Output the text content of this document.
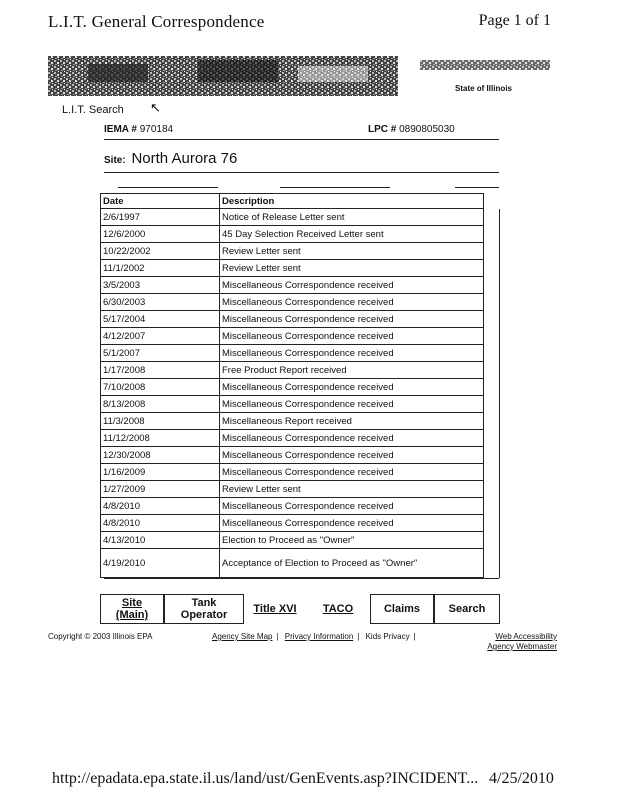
L.I.T. General Correspondence	Page 1 of 1
State of Illinois
L.I.T. Search ↖
IEMA # 970184	LPC # 0890805030
Site: North Aurora 76
Date	Description	
2/6/1997	Notice of Release Letter sent	
12/6/2000	45 Day Selection Received Letter sent	
10/22/2002	Review Letter sent	
11/1/2002	Review Letter sent	
3/5/2003	Miscellaneous Correspondence received	
6/30/2003	Miscellaneous Correspondence received	
5/17/2004	Miscellaneous Correspondence received	
4/12/2007	Miscellaneous Correspondence received	
5/1/2007	Miscellaneous Correspondence received	
1/17/2008	Free Product Report received	
7/10/2008	Miscellaneous Correspondence received	
8/13/2008	Miscellaneous Correspondence received	
11/3/2008	Miscellaneous Report received	
11/12/2008	Miscellaneous Correspondence received	
12/30/2008	Miscellaneous Correspondence received	
1/16/2009	Miscellaneous Correspondence received	
1/27/2009	Review Letter sent	
4/8/2010	Miscellaneous Correspondence received	
4/8/2010	Miscellaneous Correspondence received	
4/13/2010	Election to Proceed as "Owner"	
4/19/2010	Acceptance of Election to Proceed as "Owner"	
Site (Main)
Tank Operator	Title XVI TACO	Claims	Search
Copyright © 2003 Illinois EPA	Agency Site Map | Privacy Information | Kids Privacy |	Web Accessibility
Agency Webmaster
http://epadata.epa.state.il.us/land/ust/GenEvents.asp?INCIDENT... 4/25/2010
